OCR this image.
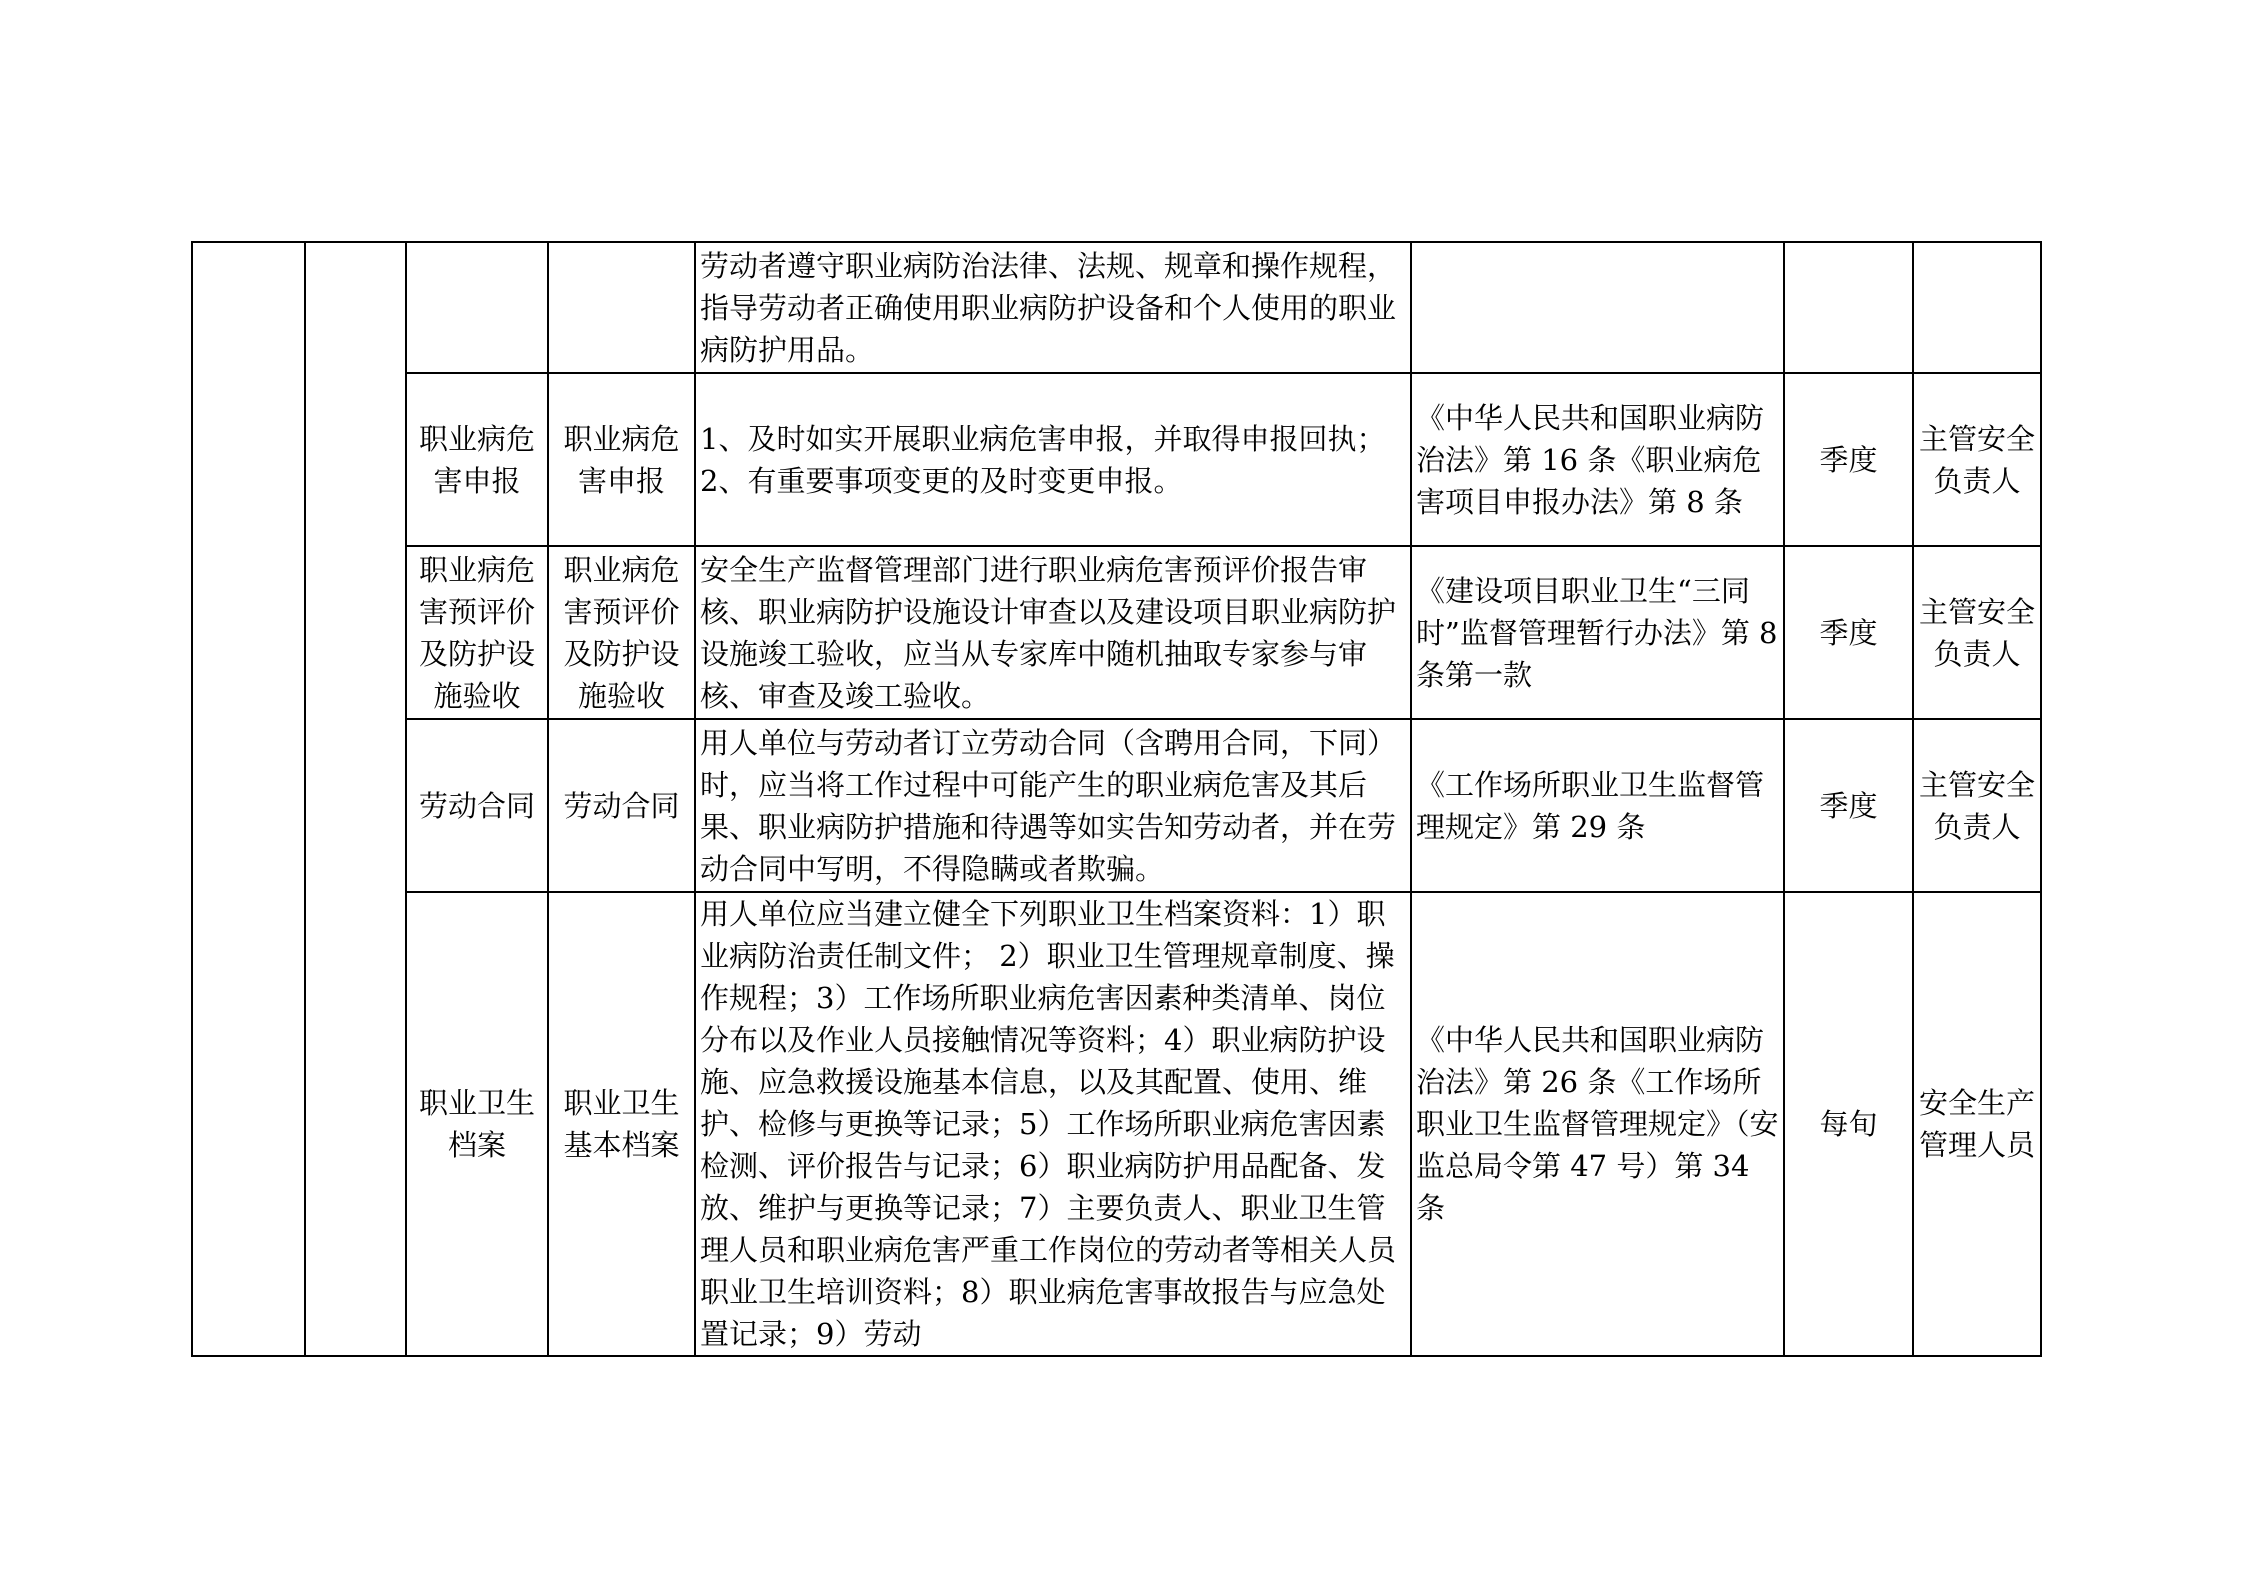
				劳动者遵守职业病防治法律、法规、规章和操作规程，指导劳动者正确使用职业病防护设备和个人使用的职业病防护用品。			
		职业病危害申报	职业病危害申报	1、及时如实开展职业病危害申报，并取得申报回执；2、有重要事项变更的及时变更申报。	《中华人民共和国职业病防治法》第 16 条《职业病危害项目申报办法》第 8 条	季度	主管安全负责人
		职业病危害预评价及防护设施验收	职业病危害预评价及防护设施验收	安全生产监督管理部门进行职业病危害预评价报告审核、职业病防护设施设计审查以及建设项目职业病防护设施竣工验收，应当从专家库中随机抽取专家参与审核、审查及竣工验收。	《建设项目职业卫生“三同时”监督管理暂行办法》第 8 条第一款	季度	主管安全负责人
		劳动合同	劳动合同	用人单位与劳动者订立劳动合同（含聘用合同，下同）时，应当将工作过程中可能产生的职业病危害及其后果、职业病防护措施和待遇等如实告知劳动者，并在劳动合同中写明，不得隐瞒或者欺骗。	《工作场所职业卫生监督管理规定》第 29 条	季度	主管安全负责人
		职业卫生档案	职业卫生基本档案	用人单位应当建立健全下列职业卫生档案资料：1）职业病防治责任制文件； 2）职业卫生管理规章制度、操作规程；3）工作场所职业病危害因素种类清单、岗位分布以及作业人员接触情况等资料；4）职业病防护设施、应急救援设施基本信息，以及其配置、使用、维护、检修与更换等记录；5）工作场所职业病危害因素检测、评价报告与记录；6）职业病防护用品配备、发放、维护与更换等记录；7）主要负责人、职业卫生管理人员和职业病危害严重工作岗位的劳动者等相关人员职业卫生培训资料；8）职业病危害事故报告与应急处置记录；9）劳动	《中华人民共和国职业病防治法》第 26 条《工作场所职业卫生监督管理规定》（安监总局令第 47 号）第 34 条	每旬	安全生产管理人员
